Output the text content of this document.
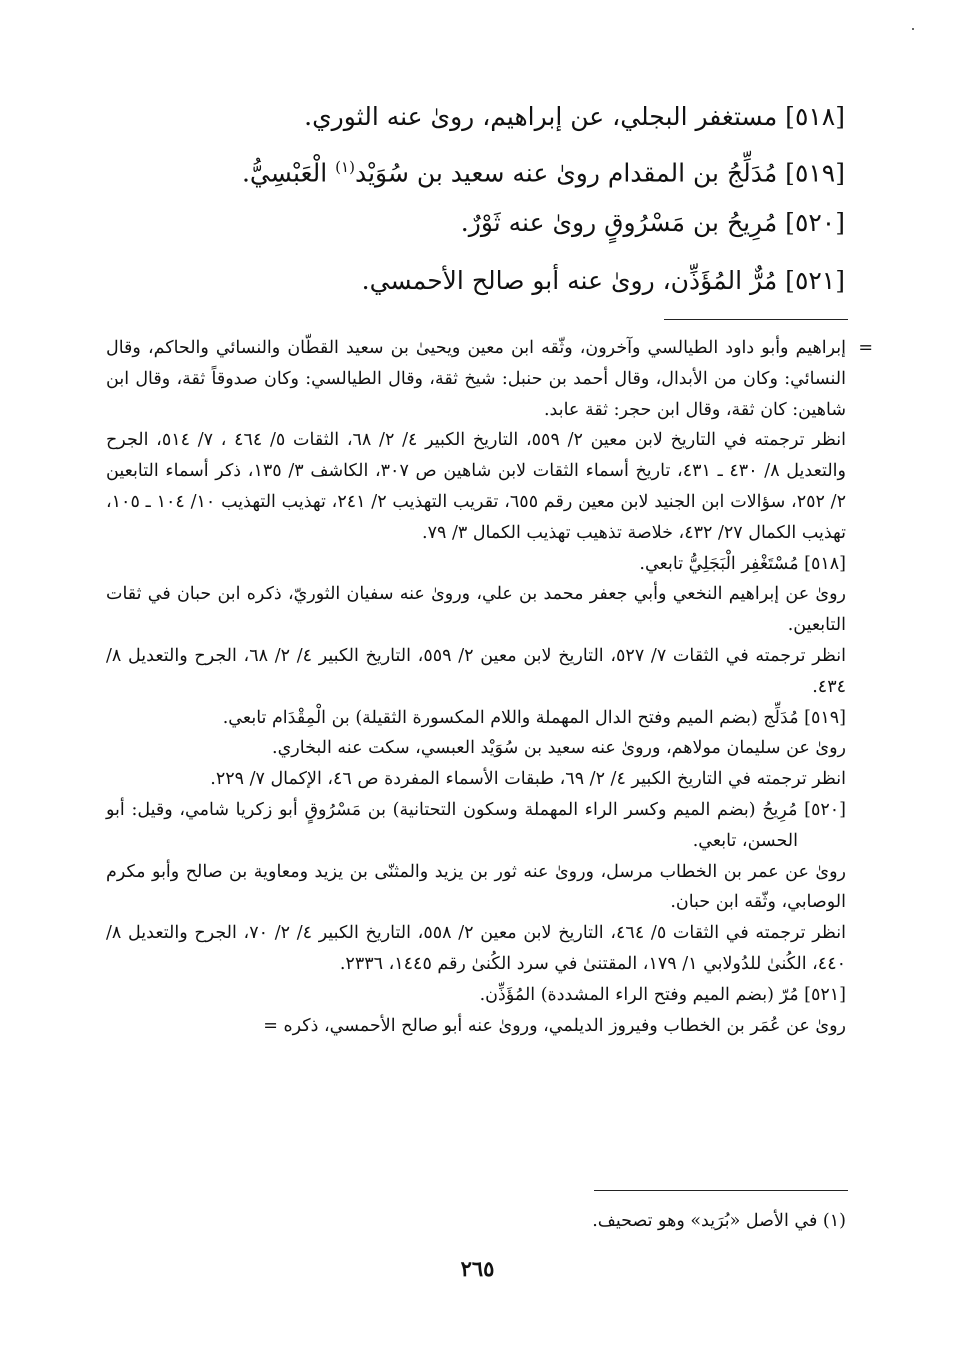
[٥١٨] مستغفر البجلي، عن إبراهيم، روىٰ عنه الثوري.

[٥١٩] مُدَلِّجُ بن المقدام روىٰ عنه سعيد بن سُوَيْد$^{(١)}$ الْعَبْسِيُّ.

[٥٢٠] مُرِيحُ بن مَسْرُوقٍ روىٰ عنه ثَوْرٌ.

[٥٢١] مُرٌّ المُؤَذِّن، روىٰ عنه أبو صالح الأحمسي.

=

إبراهيم وأبو داود الطيالسي وآخرون، وثّقه ابن معين ويحيىٰ بن سعيد القطّان والنسائي والحاكم، وقال النسائي: وكان من الأبدال، وقال أحمد بن حنبل: شيخ ثقة، وقال الطيالسي: وكان صدوقاً ثقة، وقال ابن شاهين: كان ثقة، وقال ابن حجر: ثقة عابد.

انظر ترجمته في التاريخ لابن معين ٢/ ٥٥٩، التاريخ الكبير ٤/ ٢/ ٦٨، الثقات ٥/ ٤٦٤ ، ٧/ ٥١٤، الجرح والتعديل ٨/ ٤٣٠ ـ ٤٣١، تاريخ أسماء الثقات لابن شاهين ص ٣٠٧، الكاشف ٣/ ١٣٥، ذكر أسماء التابعين ٢/ ٢٥٢، سؤالات ابن الجنيد لابن معين رقم ٦٥٥، تقريب التهذيب ٢/ ٢٤١، تهذيب التهذيب ١٠/ ١٠٤ ـ ١٠٥، تهذيب الكمال ٢٧/ ٤٣٢، خلاصة تذهيب تهذيب الكمال ٣/ ٧٩.

[٥١٨] مُسْتَغْفِر الْبَجَلِيُّ تابعي.

روىٰ عن إبراهيم النخعي وأبي جعفر محمد بن علي، وروىٰ عنه سفيان الثوريّ، ذكره ابن حبان في ثقات التابعين.

انظر ترجمته في الثقات ٧/ ٥٢٧، التاريخ لابن معين ٢/ ٥٥٩، التاريخ الكبير ٤/ ٢/ ٦٨، الجرح والتعديل ٨/ ٤٣٤.

[٥١٩] مُدَلِّج (بضم الميم وفتح الدال المهملة واللام المكسورة الثقيلة) بن الْمِقْدَام تابعي.

روىٰ عن سليمان مولاهم، وروىٰ عنه سعيد بن سُوَيْد العبسي، سكت عنه البخاري.

انظر ترجمته في التاريخ الكبير ٤/ ٢/ ٦٩، طبقات الأسماء المفردة ص ٤٦، الإكمال ٧/ ٢٢٩.

[٥٢٠] مُرِيحُ (بضم الميم وكسر الراء المهملة وسكون التحتانية) بن مَسْرُوقٍ أبو زكريا شامي، وقيل: أبو الحسن، تابعي.

روىٰ عن عمر بن الخطاب مرسل، وروىٰ عنه ثور بن يزيد والمثنّى بن يزيد ومعاوية بن صالح وأبو مكرم الوصابي، وثّقه ابن حبان.

انظر ترجمته في الثقات ٥/ ٤٦٤، التاريخ لابن معين ٢/ ٥٥٨، التاريخ الكبير ٤/ ٢/ ٧٠، الجرح والتعديل ٨/ ٤٤٠، الكُنىٰ للدُولابي ١/ ١٧٩، المقتنىٰ في سرد الكُنىٰ رقم ١٤٤٥، ٢٣٣٦.

[٥٢١] مُرّ (بضم الميم وفتح الراء المشددة) المُؤَذِّن.

روىٰ عن عُمَر بن الخطاب وفيروز الديلمي، وروىٰ عنه أبو صالح الأحمسي، ذكره =

(١) في الأصل «بُرَيد» وهو تصحيف.
٢٦٥
